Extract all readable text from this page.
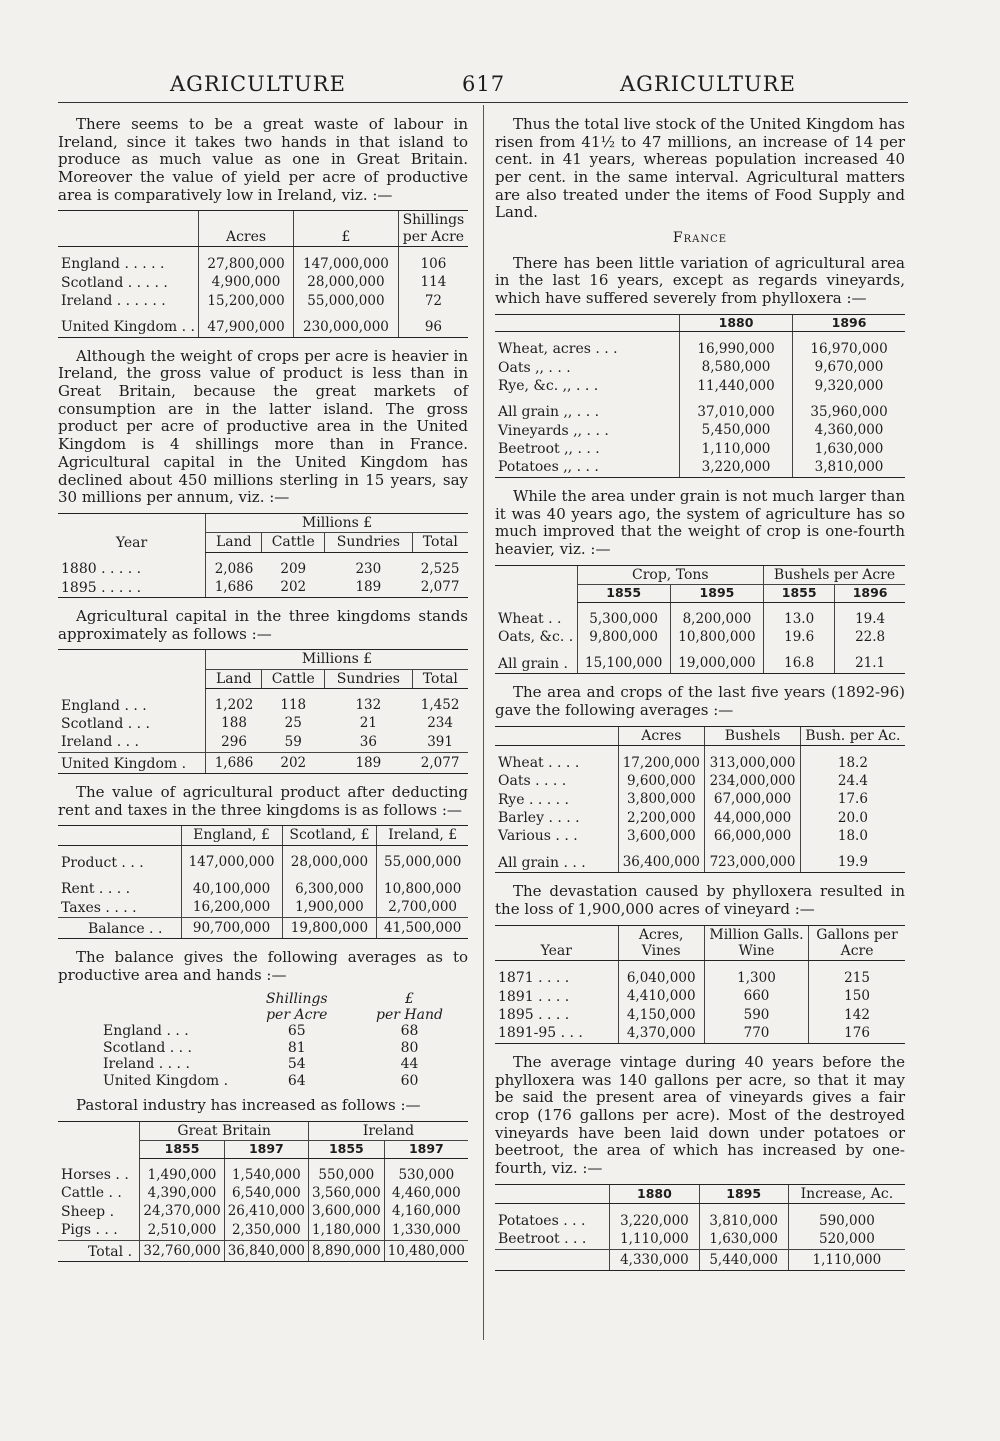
AGRICULTURE	617	AGRICULTURE

There seems to be a great waste of labour in Ireland, since it takes two hands in that island to produce as much value as one in Great Britain. Moreover the value of yield per acre of productive area is comparatively low in Ireland, viz. :—

	Acres	£	Shillings per Acre
England . . . . .	27,800,000	147,000,000	106
Scotland . . . . .	4,900,000	28,000,000	114
Ireland . . . . . .	15,200,000	55,000,000	72
United Kingdom . .	47,900,000	230,000,000	96

Although the weight of crops per acre is heavier in Ireland, the gross value of product is less than in Great Britain, because the great markets of consumption are in the latter island. The gross product per acre of productive area in the United Kingdom is 4 shillings more than in France. Agricultural capital in the United Kingdom has declined about 450 millions sterling in 15 years, say 30 millions per annum, viz. :—

Year	Millions £			
	Land	Cattle	Sundries	Total
1880 . . . . .	2,086	209	230	2,525
1895 . . . . .	1,686	202	189	2,077

Agricultural capital in the three kingdoms stands approximately as follows :—

	Millions £			
	Land	Cattle	Sundries	Total
England . . .	1,202	118	132	1,452
Scotland . . .	188	25	21	234
Ireland . . .	296	59	36	391
United Kingdom .	1,686	202	189	2,077

The value of agricultural product after deducting rent and taxes in the three kingdoms is as follows :—

	England, £	Scotland, £	Ireland, £
Product . . .	147,000,000	28,000,000	55,000,000
Rent . . . .	40,100,000	6,300,000	10,800,000
Taxes . . . .	16,200,000	1,900,000	2,700,000
Balance . .	90,700,000	19,800,000	41,500,000

The balance gives the following averages as to productive area and hands :—

	Shillings	£
	per Acre	per Hand
England . . .	65	68
Scotland . . .	81	80
Ireland . . . .	54	44
United Kingdom .	64	60

Pastoral industry has increased as follows :—

	Great Britain		Ireland	
	1855	1897	1855	1897
Horses . .	1,490,000	1,540,000	550,000	530,000
Cattle . .	4,390,000	6,540,000	3,560,000	4,460,000
Sheep .	24,370,000	26,410,000	3,600,000	4,160,000
Pigs . . .	2,510,000	2,350,000	1,180,000	1,330,000
Total .	32,760,000	36,840,000	8,890,000	10,480,000

Thus the total live stock of the United Kingdom has risen from 41½ to 47 millions, an increase of 14 per cent. in 41 years, whereas population increased 40 per cent. in the same interval. Agricultural matters are also treated under the items of Food Supply and Land.

France

There has been little variation of agricultural area in the last 16 years, except as regards vineyards, which have suffered severely from phylloxera :—

	1880	1896
Wheat, acres . . .	16,990,000	16,970,000
Oats ,, . . .	8,580,000	9,670,000
Rye, &c. ,, . . .	11,440,000	9,320,000
All grain ,, . . .	37,010,000	35,960,000
Vineyards ,, . . .	5,450,000	4,360,000
Beetroot ,, . . .	1,110,000	1,630,000
Potatoes ,, . . .	3,220,000	3,810,000

While the area under grain is not much larger than it was 40 years ago, the system of agriculture has so much improved that the weight of crop is one-fourth heavier, viz. :—

	Crop, Tons		Bushels per Acre	
	1855	1895	1855	1896
Wheat . .	5,300,000	8,200,000	13.0	19.4
Oats, &c. .	9,800,000	10,800,000	19.6	22.8
All grain .	15,100,000	19,000,000	16.8	21.1

The area and crops of the last five years (1892-96) gave the following averages :—

	Acres	Bushels	Bush. per Ac.
Wheat . . . .	17,200,000	313,000,000	18.2
Oats . . . .	9,600,000	234,000,000	24.4
Rye . . . . .	3,800,000	67,000,000	17.6
Barley . . . .	2,200,000	44,000,000	20.0
Various . . .	3,600,000	66,000,000	18.0
All grain . . .	36,400,000	723,000,000	19.9

The devastation caused by phylloxera resulted in the loss of 1,900,000 acres of vineyard :—

Year	Acres, Vines	Million Galls. Wine	Gallons per Acre
1871 . . . .	6,040,000	1,300	215
1891 . . . .	4,410,000	660	150
1895 . . . .	4,150,000	590	142
1891-95 . . .	4,370,000	770	176

The average vintage during 40 years before the phylloxera was 140 gallons per acre, so that it may be said the present area of vineyards gives a fair crop (176 gallons per acre). Most of the destroyed vineyards have been laid down under potatoes or beetroot, the area of which has increased by one-fourth, viz. :—

	1880	1895	Increase, Ac.
Potatoes . . .	3,220,000	3,810,000	590,000
Beetroot . . .	1,110,000	1,630,000	520,000
	4,330,000	5,440,000	1,110,000
